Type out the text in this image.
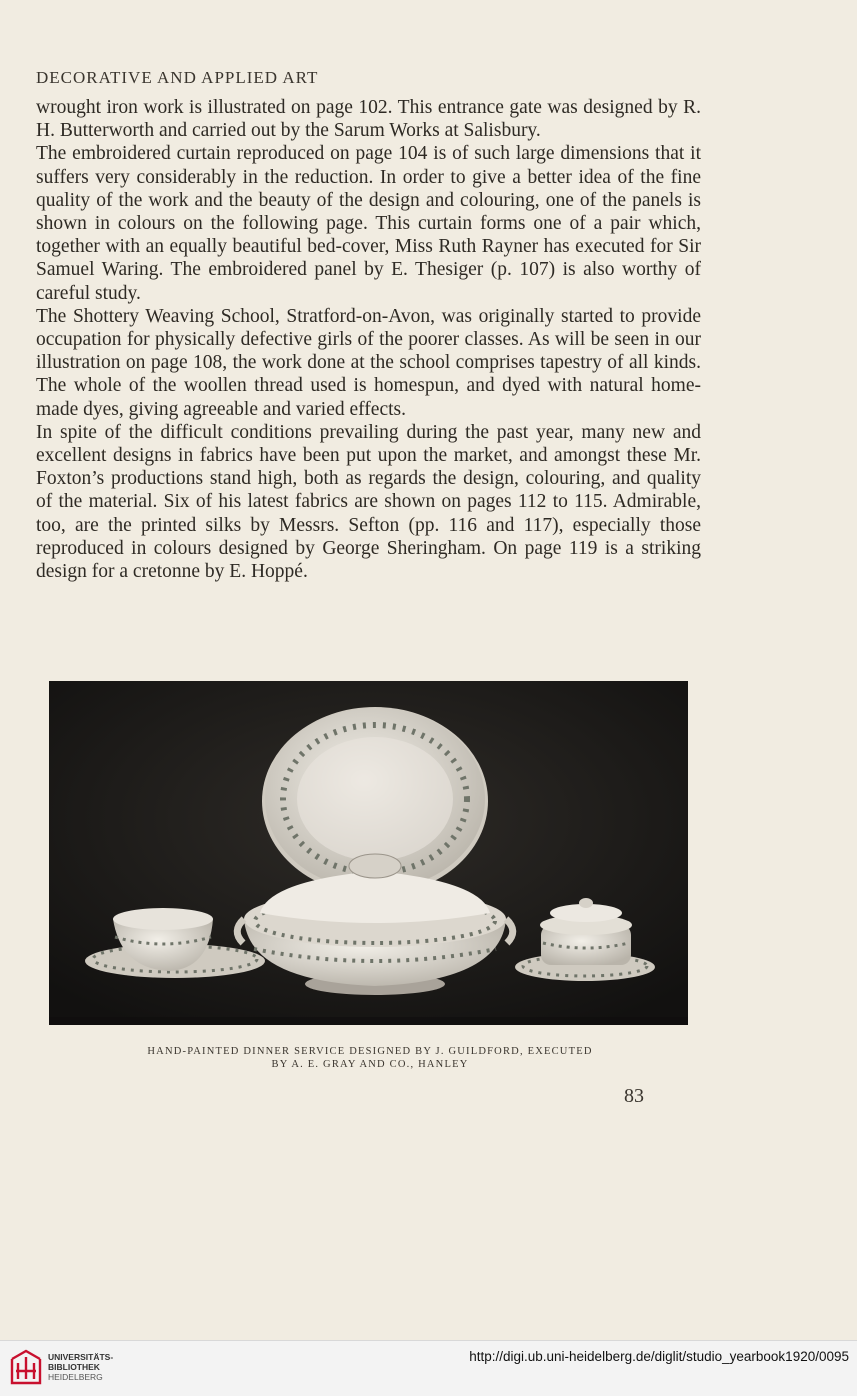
DECORATIVE AND APPLIED ART

wrought iron work is illustrated on page 102. This entrance gate was designed by R. H. Butterworth and carried out by the Sarum Works at Salisbury.

The embroidered curtain reproduced on page 104 is of such large dimensions that it suffers very considerably in the reduction. In order to give a better idea of the fine quality of the work and the beauty of the design and colouring, one of the panels is shown in colours on the following page. This curtain forms one of a pair which, together with an equally beautiful bed-cover, Miss Ruth Rayner has executed for Sir Samuel Waring. The embroidered panel by E. Thesiger (p. 107) is also worthy of careful study.

The Shottery Weaving School, Stratford-on-Avon, was originally started to provide occupation for physically defective girls of the poorer classes. As will be seen in our illustration on page 108, the work done at the school comprises tapestry of all kinds. The whole of the woollen thread used is homespun, and dyed with natural home-made dyes, giving agreeable and varied effects.

In spite of the difficult conditions prevailing during the past year, many new and excellent designs in fabrics have been put upon the market, and amongst these Mr. Foxton’s productions stand high, both as regards the design, colouring, and quality of the material. Six of his latest fabrics are shown on pages 112 to 115. Admirable, too, are the printed silks by Messrs. Sefton (pp. 116 and 117), especially those reproduced in colours designed by George Sheringham. On page 119 is a striking design for a cretonne by E. Hoppé.

HAND-PAINTED DINNER SERVICE DESIGNED BY J. GUILDFORD, EXECUTED
BY A. E. GRAY AND CO., HANLEY
83
UNIVERSITÄTS-
BIBLIOTHEK
HEIDELBERG
http://digi.ub.uni-heidelberg.de/diglit/studio_yearbook1920/0095
